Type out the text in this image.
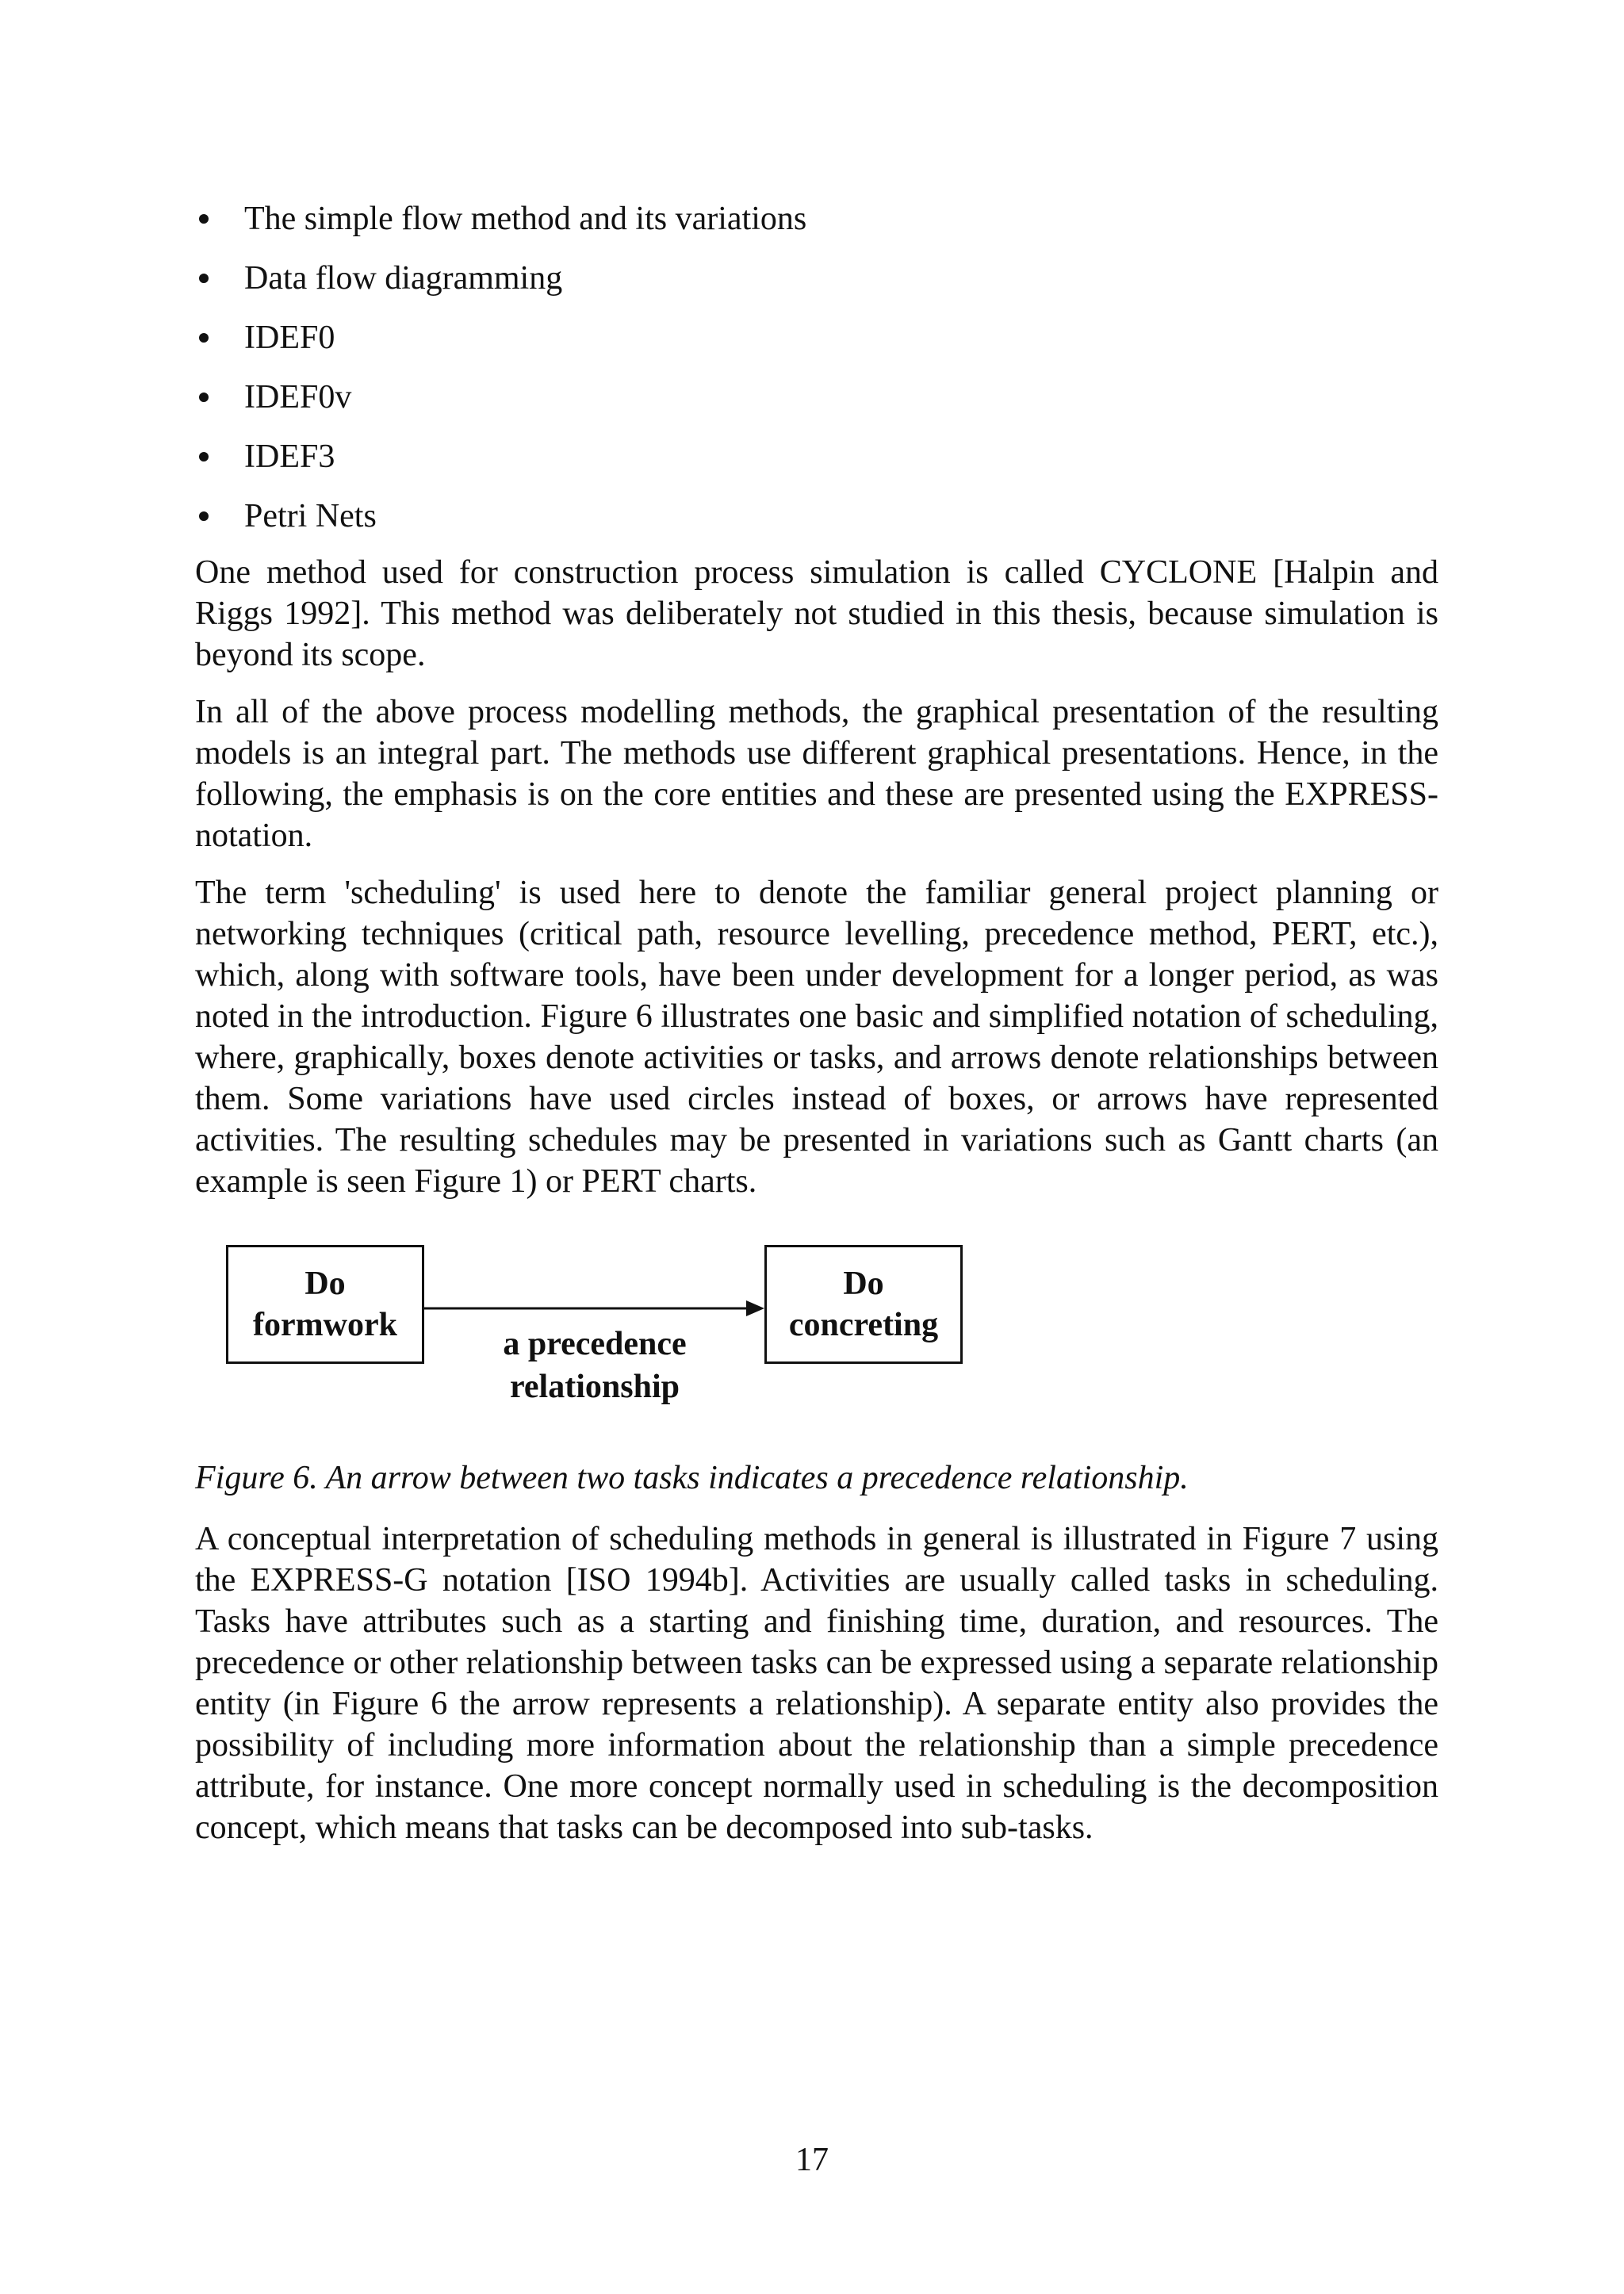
The simple flow method and its variations
Data flow diagramming
IDEF0
IDEF0v
IDEF3
Petri Nets

One method used for construction process simulation is called CYCLONE [Halpin and Riggs 1992]. This method was deliberately not studied in this thesis, because simulation is beyond its scope.

In all of the above process modelling methods, the graphical presentation of the resulting models is an integral part. The methods use different graphical presentations. Hence, in the following, the emphasis is on the core entities and these are presented using the EXPRESS-notation.

The term 'scheduling' is used here to denote the familiar general project planning or networking techniques (critical path, resource levelling, precedence method, PERT, etc.), which, along with software tools, have been under development for a longer period, as was noted in the introduction. Figure 6 illustrates one basic and simplified notation of scheduling, where, graphically, boxes denote activities or tasks, and arrows denote relationships between them. Some variations have used circles instead of boxes, or arrows have represented activities. The resulting schedules may be presented in variations such as Gantt charts (an example is seen Figure 1) or PERT charts.

Do
formwork
Do
concreting
a precedence
relationship
Figure 6. An arrow between two tasks indicates a precedence relationship.

A conceptual interpretation of scheduling methods in general is illustrated in Figure 7 using the EXPRESS-G notation [ISO 1994b]. Activities are usually called tasks in scheduling. Tasks have attributes such as a starting and finishing time, duration, and resources. The precedence or other relationship between tasks can be expressed using a separate relationship entity (in Figure 6 the arrow represents a relationship). A separate entity also provides the possibility of including more information about the relationship than a simple precedence attribute, for instance. One more concept normally used in scheduling is the decomposition concept, which means that tasks can be decomposed into sub-tasks.

17
